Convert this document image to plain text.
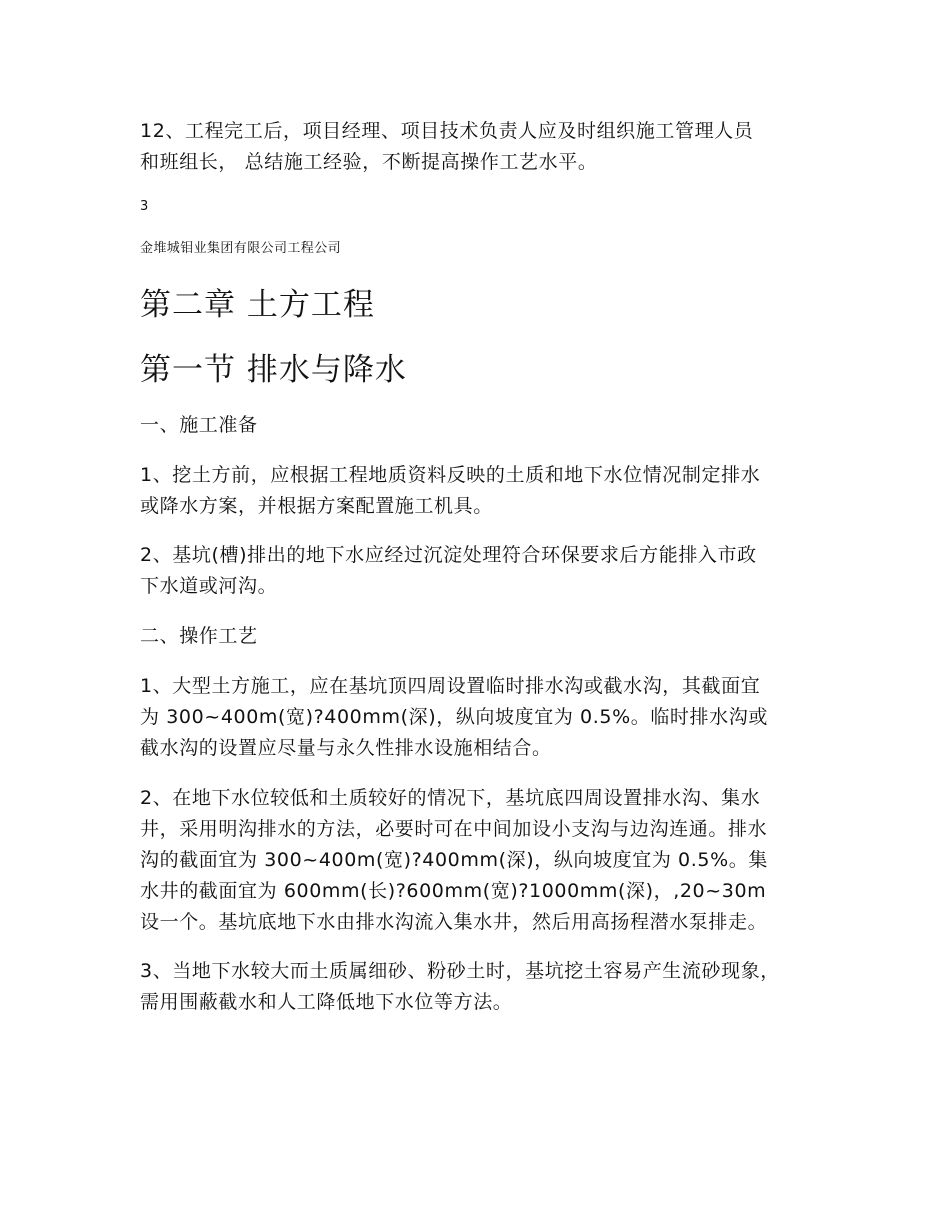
12、工程完工后，项目经理、项目技术负责人应及时组织施工管理人员

和班组长， 总结施工经验，不断提高操作工艺水平。

3

金堆城钼业集团有限公司工程公司

第二章 土方工程
第一节 排水与降水

一、施工准备

1、挖土方前，应根据工程地质资料反映的土质和地下水位情况制定排水

或降水方案，并根据方案配置施工机具。

2、基坑(槽)排出的地下水应经过沉淀处理符合环保要求后方能排入市政

下水道或河沟。

二、操作工艺

1、大型土方施工，应在基坑顶四周设置临时排水沟或截水沟，其截面宜

为 300~400m(宽)?400mm(深)，纵向坡度宜为 0.5%。临时排水沟或

截水沟的设置应尽量与永久性排水设施相结合。

2、在地下水位较低和土质较好的情况下，基坑底四周设置排水沟、集水

井，采用明沟排水的方法，必要时可在中间加设小支沟与边沟连通。排水

沟的截面宜为 300~400m(宽)?400mm(深)，纵向坡度宜为 0.5%。集

水井的截面宜为 600mm(长)?600mm(宽)?1000mm(深)，,20~30m

设一个。基坑底地下水由排水沟流入集水井，然后用高扬程潜水泵排走。

3、当地下水较大而土质属细砂、粉砂土时，基坑挖土容易产生流砂现象，

需用围蔽截水和人工降低地下水位等方法。
